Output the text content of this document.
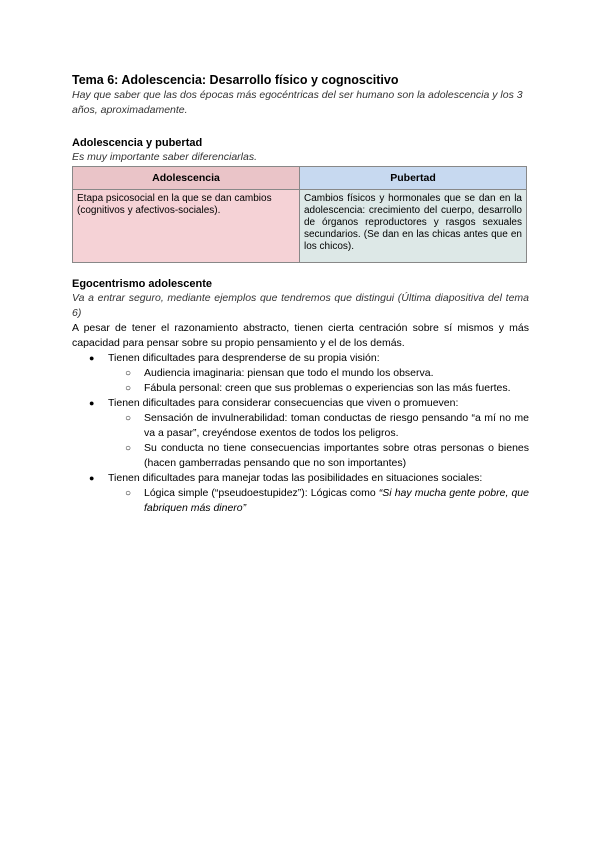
Tema 6: Adolescencia: Desarrollo físico y cognoscitivo

Hay que saber que las dos épocas más egocéntricas del ser humano son la adolescencia y los 3 años, aproximadamente.

Adolescencia y pubertad

Es muy importante saber diferenciarlas.

Adolescencia	Pubertad
Etapa psicosocial en la que se dan cambios (cognitivos y afectivos-sociales).	Cambios físicos y hormonales que se dan en la adolescencia: crecimiento del cuerpo, desarrollo de órganos reproductores y rasgos sexuales secundarios. (Se dan en las chicas antes que en los chicos).
Egocentrismo adolescente

Va a entrar seguro, mediante ejemplos que tendremos que distingui (Última diapositiva del tema 6)

A pesar de tener el razonamiento abstracto, tienen cierta centración sobre sí mismos y más capacidad para pensar sobre su propio pensamiento y el de los demás.

● Tienen dificultades para desprenderse de su propia visión:
○ Audiencia imaginaria: piensan que todo el mundo los observa.
○ Fábula personal: creen que sus problemas o experiencias son las más fuertes.
● Tienen dificultades para considerar consecuencias que viven o promueven:
○ Sensación de invulnerabilidad: toman conductas de riesgo pensando “a mí no me va a pasar”, creyéndose exentos de todos los peligros.
○ Su conducta no tiene consecuencias importantes sobre otras personas o bienes (hacen gamberradas pensando que no son importantes)
● Tienen dificultades para manejar todas las posibilidades en situaciones sociales:
○ Lógica simple (“pseudoestupidez”): Lógicas como “Si hay mucha gente pobre, que fabriquen más dinero”
